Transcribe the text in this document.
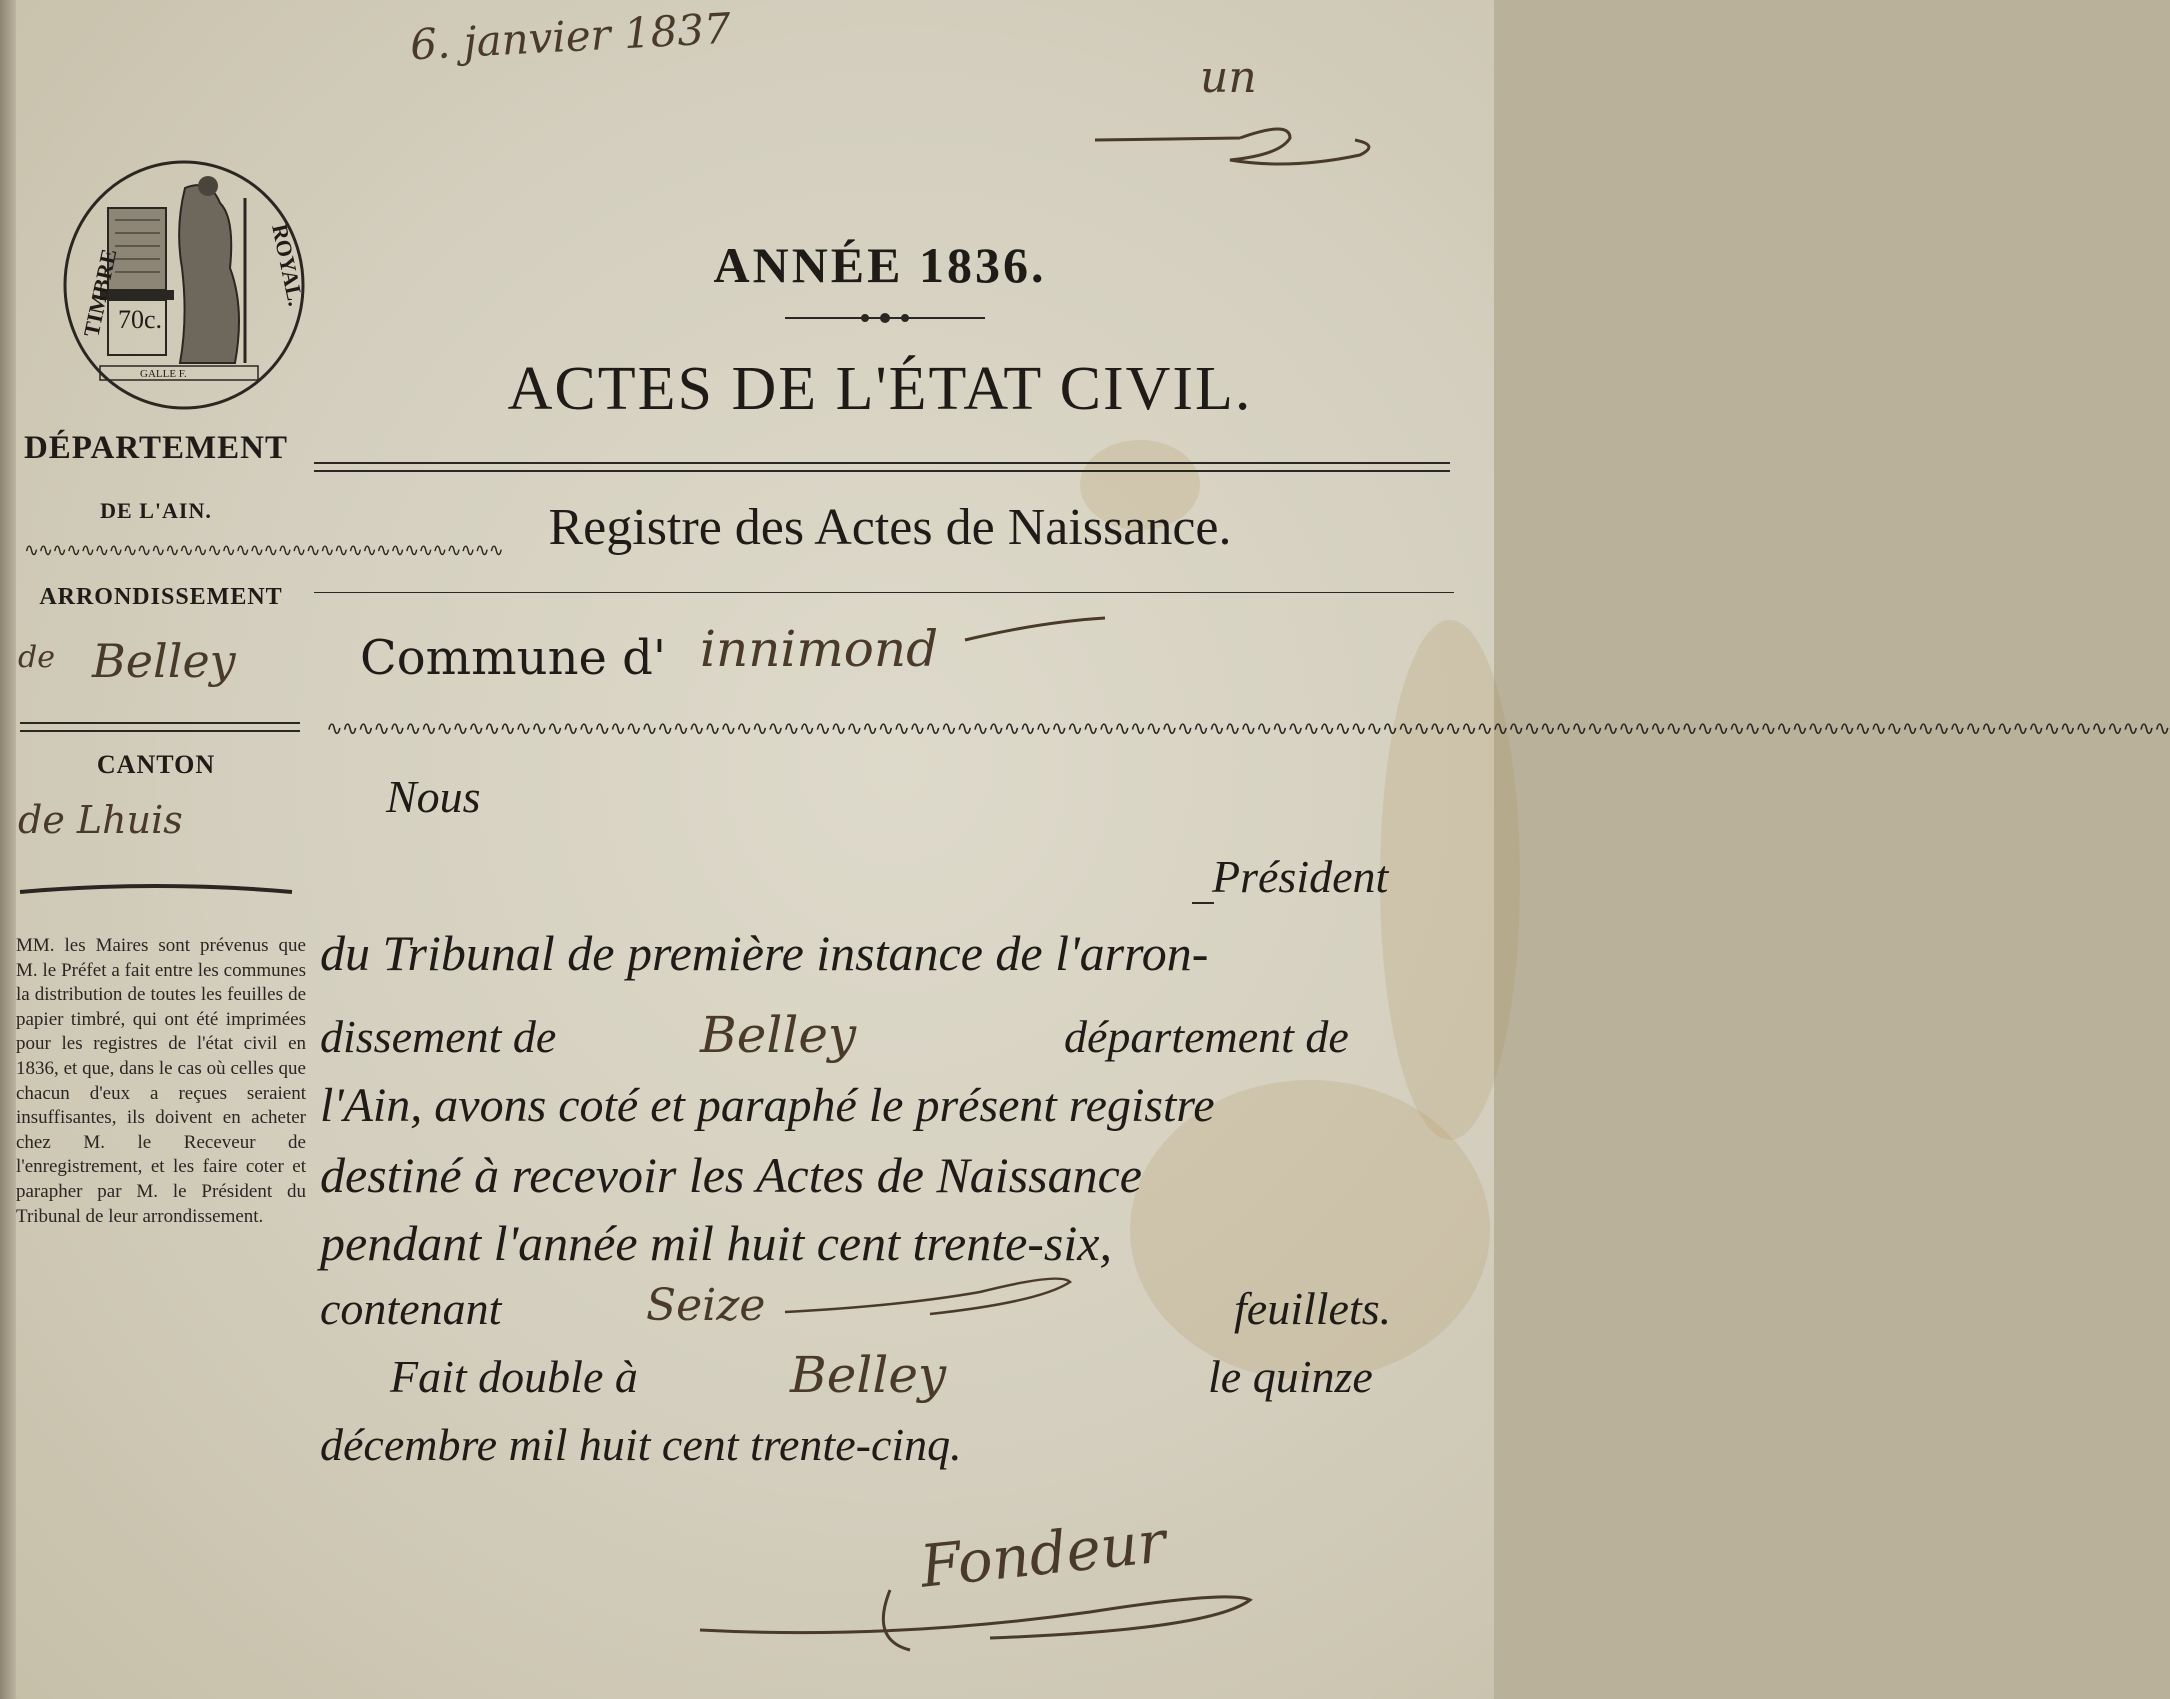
6. janvier 1837
un
70c.
GALLE F.
TIMBRE	ROYAL.
DÉPARTEMENT
DE L'AIN.
∿∿∿∿∿∿∿∿∿∿∿∿∿∿∿∿∿∿∿∿∿∿∿∿∿∿∿∿∿∿∿∿∿∿
ARRONDISSEMENT
de Belley
CANTON
de Lhuis
MM. les Maires sont prévenus que M. le Préfet a fait entre les communes la distribution de toutes les feuilles de papier timbré, qui ont été imprimées pour les registres de l'état civil en 1836, et que, dans le cas où celles que chacun d'eux a reçues seraient insuffisantes, ils doivent en acheter chez M. le Receveur de l'enregistrement, et les faire coter et parapher par M. le Président du Tribunal de leur arrondissement.
ANNÉE 1836.
ACTES DE L'ÉTAT CIVIL.
Registre des Actes de Naissance.
Commune d' innimond
∿∿∿∿∿∿∿∿∿∿∿∿∿∿∿∿∿∿∿∿∿∿∿∿∿∿∿∿∿∿∿∿∿∿∿∿∿∿∿∿∿∿∿∿∿∿∿∿∿∿∿∿∿∿∿∿∿∿∿∿∿∿∿∿∿∿∿∿∿∿∿∿∿∿∿∿∿∿∿∿∿∿∿∿∿∿∿∿∿∿∿∿∿∿∿∿∿∿∿∿∿∿∿∿∿∿∿∿∿∿∿∿∿∿∿∿∿
Nous
Président
du Tribunal de première instance de l'arron-
dissement de	Belley	département de
l'Ain, avons coté et paraphé le présent registre
destiné à recevoir les Actes de Naissance
pendant l'année mil huit cent trente-six,
contenant	Seize	feuillets.
Fait double à	Belley	le quinze
décembre mil huit cent trente-cinq.
Fondeur
